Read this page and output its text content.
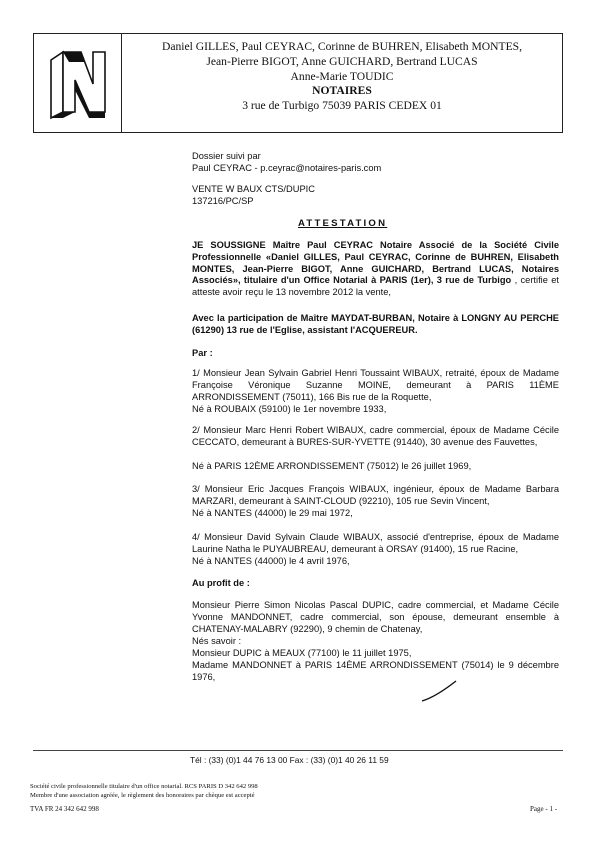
Daniel GILLES, Paul CEYRAC, Corinne de BUHREN, Elisabeth MONTES,
Jean-Pierre BIGOT, Anne GUICHARD, Bertrand LUCAS
Anne-Marie TOUDIC
NOTAIRES
3 rue de Turbigo 75039 PARIS CEDEX 01
Dossier suivi par
Paul CEYRAC - p.ceyrac@notaires-paris.com
VENTE W BAUX CTS/DUPIC
137216/PC/SP
ATTESTATION
JE SOUSSIGNE Maître Paul CEYRAC Notaire Associé de la Société Civile Professionnelle «Daniel GILLES, Paul CEYRAC, Corinne de BUHREN, Elisabeth MONTES, Jean-Pierre BIGOT, Anne GUICHARD, Bertrand LUCAS, Notaires Associés», titulaire d'un Office Notarial à PARIS (1er), 3 rue de Turbigo , certifie et atteste avoir reçu le 13 novembre 2012 la vente,
Avec la participation de Maître MAYDAT-BURBAN, Notaire à LONGNY AU PERCHE (61290) 13 rue de l'Eglise, assistant l'ACQUEREUR.
Par :
1/ Monsieur Jean Sylvain Gabriel Henri Toussaint WIBAUX, retraité, époux de Madame Françoise Véronique Suzanne MOINE, demeurant à PARIS 11ÈME ARRONDISSEMENT (75011), 166 Bis rue de la Roquette,
Né à ROUBAIX (59100) le 1er novembre 1933,
2/ Monsieur Marc Henri Robert WIBAUX, cadre commercial, époux de Madame Cécile CECCATO, demeurant à BURES-SUR-YVETTE (91440), 30 avenue des Fauvettes,
Né à PARIS 12ÈME ARRONDISSEMENT (75012) le 26 juillet 1969,
3/ Monsieur Eric Jacques François WIBAUX, ingénieur, époux de Madame Barbara MARZARI, demeurant à SAINT-CLOUD (92210), 105 rue Sevin Vincent,
Né à NANTES (44000) le 29 mai 1972,
4/ Monsieur David Sylvain Claude WIBAUX, associé d'entreprise, époux de Madame Laurine Natha le PUYAUBREAU, demeurant à ORSAY (91400), 15 rue Racine,
Né à NANTES (44000) le 4 avril 1976,
Au profit de :
Monsieur Pierre Simon Nicolas Pascal DUPIC, cadre commercial, et Madame Cécile Yvonne MANDONNET, cadre commercial, son épouse, demeurant ensemble à CHATENAY-MALABRY (92290), 9 chemin de Chatenay,
Nés savoir :
Monsieur DUPIC à MEAUX (77100) le 11 juillet 1975,
Madame MANDONNET à PARIS 14ÈME ARRONDISSEMENT (75014) le 9 décembre 1976,
Tél : (33) (0)1 44 76 13 00 Fax : (33) (0)1 40 26 11 59
Société civile professionnelle titulaire d'un office notarial. RCS PARIS D 342 642 998
Membre d'une association agréée, le règlement des honoraires par chèque est accepté
TVA FR 24 342 642 998	Page - 1 -
